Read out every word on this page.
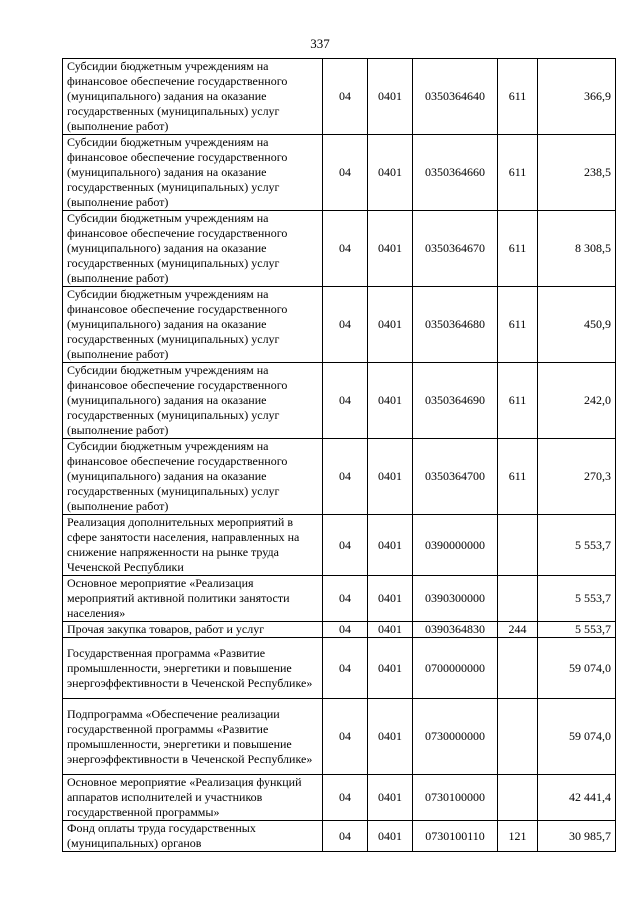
337
Субсидии бюджетным учреждениям на финансовое обеспечение государственного (муниципального) задания на оказание государственных (муниципальных) услуг (выполнение работ)	04	0401	0350364640	611	366,9
Субсидии бюджетным учреждениям на финансовое обеспечение государственного (муниципального) задания на оказание государственных (муниципальных) услуг (выполнение работ)	04	0401	0350364660	611	238,5
Субсидии бюджетным учреждениям на финансовое обеспечение государственного (муниципального) задания на оказание государственных (муниципальных) услуг (выполнение работ)	04	0401	0350364670	611	8 308,5
Субсидии бюджетным учреждениям на финансовое обеспечение государственного (муниципального) задания на оказание государственных (муниципальных) услуг (выполнение работ)	04	0401	0350364680	611	450,9
Субсидии бюджетным учреждениям на финансовое обеспечение государственного (муниципального) задания на оказание государственных (муниципальных) услуг (выполнение работ)	04	0401	0350364690	611	242,0
Субсидии бюджетным учреждениям на финансовое обеспечение государственного (муниципального) задания на оказание государственных (муниципальных) услуг (выполнение работ)	04	0401	0350364700	611	270,3
Реализация дополнительных мероприятий в сфере занятости населения, направленных на снижение напряженности на рынке труда Чеченской Республики	04	0401	0390000000		5 553,7
Основное мероприятие «Реализация мероприятий активной политики занятости населения»	04	0401	0390300000		5 553,7
Прочая закупка товаров, работ и услуг	04	0401	0390364830	244	5 553,7
Государственная программа «Развитие промышленности, энергетики и повышение энергоэффективности в Чеченской Республике»	04	0401	0700000000		59 074,0
Подпрограмма «Обеспечение реализации государственной программы «Развитие промышленности, энергетики и повышение энергоэффективности в Чеченской Республике»	04	0401	0730000000		59 074,0
Основное мероприятие «Реализация функций аппаратов исполнителей и участников государственной программы»	04	0401	0730100000		42 441,4
Фонд оплаты труда государственных (муниципальных) органов	04	0401	0730100110	121	30 985,7
